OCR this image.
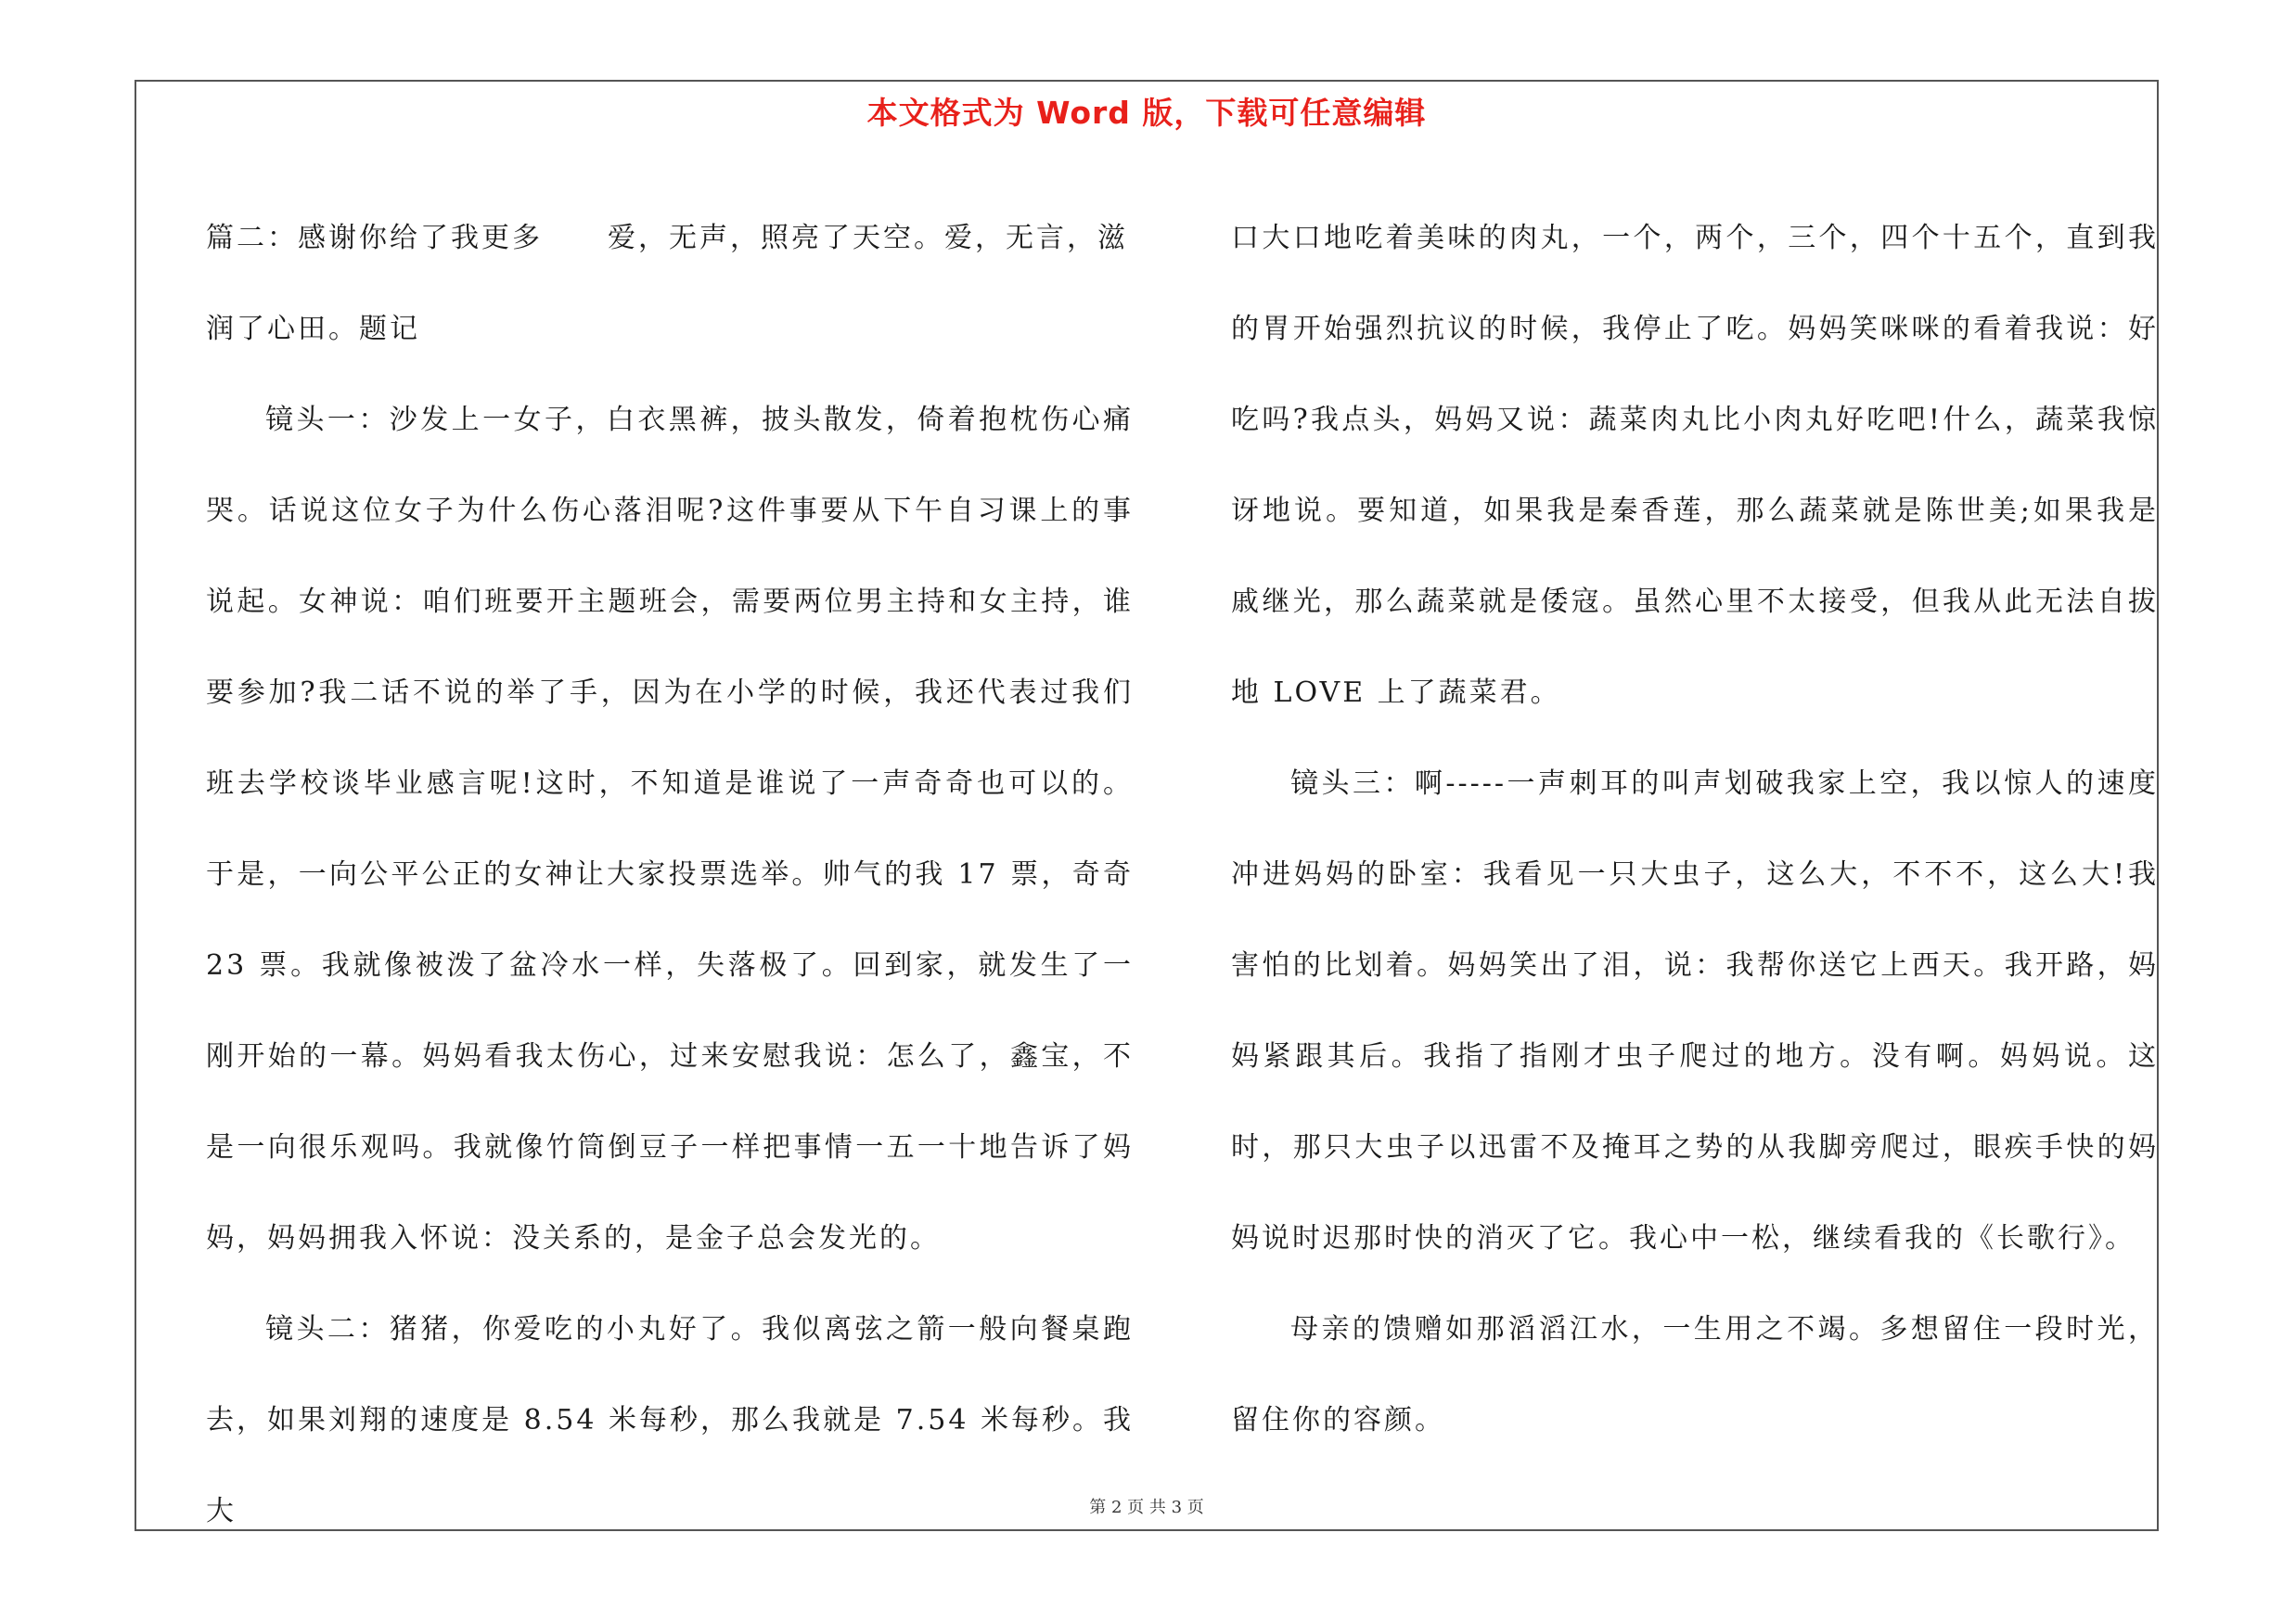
本文格式为 Word 版，下载可任意编辑

篇二：感谢你给了我更多 爱，无声，照亮了天空。爱，无言，滋
润了心田。题记

镜头一：沙发上一女子，白衣黑裤，披头散发，倚着抱枕伤心痛哭。话说这位女子为什么伤心落泪呢?这件事要从下午自习课上的事说起。女神说：咱们班要开主题班会，需要两位男主持和女主持，谁要参加?我二话不说的举了手，因为在小学的时候，我还代表过我们班去学校谈毕业感言呢!这时，不知道是谁说了一声奇奇也可以的。于是，一向公平公正的女神让大家投票选举。帅气的我 17 票，奇奇 23 票。我就像被泼了盆冷水一样，失落极了。回到家，就发生了一刚开始的一幕。妈妈看我太伤心，过来安慰我说：怎么了，鑫宝，不是一向很乐观吗。我就像竹筒倒豆子一样把事情一五一十地告诉了妈妈，妈妈拥我入怀说：没关系的，是金子总会发光的。

镜头二：猪猪，你爱吃的小丸好了。我似离弦之箭一般向餐桌跑去，如果刘翔的速度是 8.54 米每秒，那么我就是 7.54 米每秒。我大

口大口地吃着美味的肉丸，一个，两个，三个，四个十五个，直到我的胃开始强烈抗议的时候，我停止了吃。妈妈笑咪咪的看着我说：好吃吗?我点头，妈妈又说：蔬菜肉丸比小肉丸好吃吧!什么，蔬菜我惊讶地说。要知道，如果我是秦香莲，那么蔬菜就是陈世美;如果我是戚继光，那么蔬菜就是倭寇。虽然心里不太接受，但我从此无法自拔地 LOVE 上了蔬菜君。

镜头三：啊-----一声刺耳的叫声划破我家上空，我以惊人的速度冲进妈妈的卧室：我看见一只大虫子，这么大，不不不，这么大!我害怕的比划着。妈妈笑出了泪，说：我帮你送它上西天。我开路，妈妈紧跟其后。我指了指刚才虫子爬过的地方。没有啊。妈妈说。这时，那只大虫子以迅雷不及掩耳之势的从我脚旁爬过，眼疾手快的妈妈说时迟那时快的消灭了它。我心中一松，继续看我的《长歌行》。

母亲的馈赠如那滔滔江水，一生用之不竭。多想留住一段时光，留住你的容颜。

第 2 页 共 3 页
